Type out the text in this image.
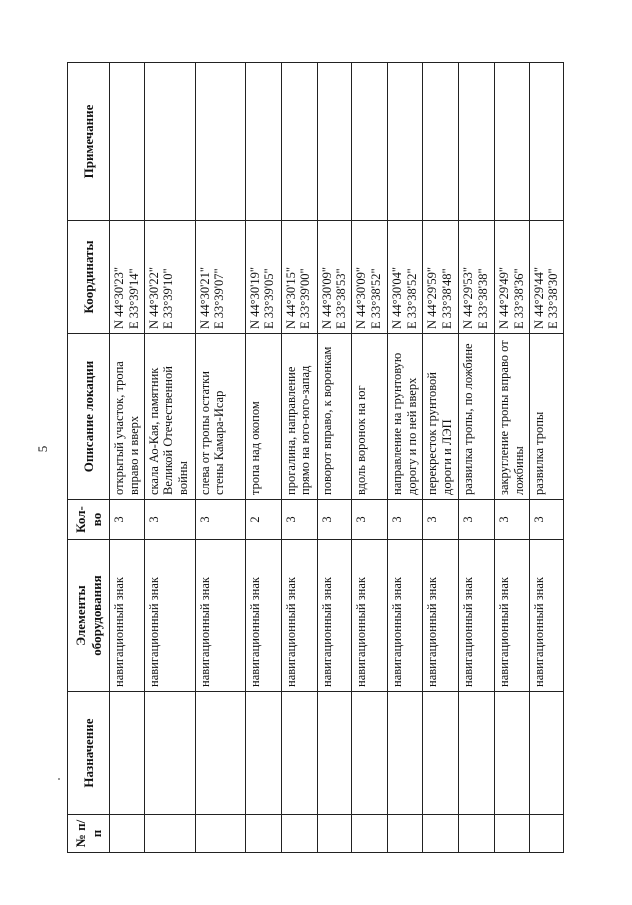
5
№ п/п	Назначение	Элементы оборудования	Кол-во	Описание локации	Координаты	Примечание
		навигационный знак	3	открытый участок, тропа вправо и вверх	N 44°30'23" E 33°39'14"	

		навигационный знак	3	скала Ао-Кая, памятник Великой Отечественной войны	N 44°30'22" E 33°39'10"	

		навигационный знак	3	слева от тропы остатки стены Камара-Исар	N 44°30'21" E 33°39'07"	

		навигационный знак	2	тропа над окопом	N 44°30'19" E 33°39'05"	

		навигационный знак	3	прогалина, направление прямо на юго-юго-запад	N 44°30'15" E 33°39'00"	

		навигационный знак	3	поворот вправо, к воронкам	N 44°30'09" E 33°38'53"	

		навигационный знак	3	вдоль воронок на юг	N 44°30'09" E 33°38'52"	

		навигационный знак	3	направление на грунтовую дорогу и по ней вверх	N 44°30'04" E 33°38'52"	

		навигационный знак	3	перекресток грунтовой дороги и ЛЭП	N 44°29'59" E 33°38'48"	

		навигационный знак	3	развилка тропы, по ложбине	N 44°29'53" E 33°38'38"	

		навигационный знак	3	закругление тропы вправо от ложбины	N 44°29'49" E 33°38'36"	

		навигационный знак	3	развилка тропы	N 44°29'44" E 33°38'30"	
